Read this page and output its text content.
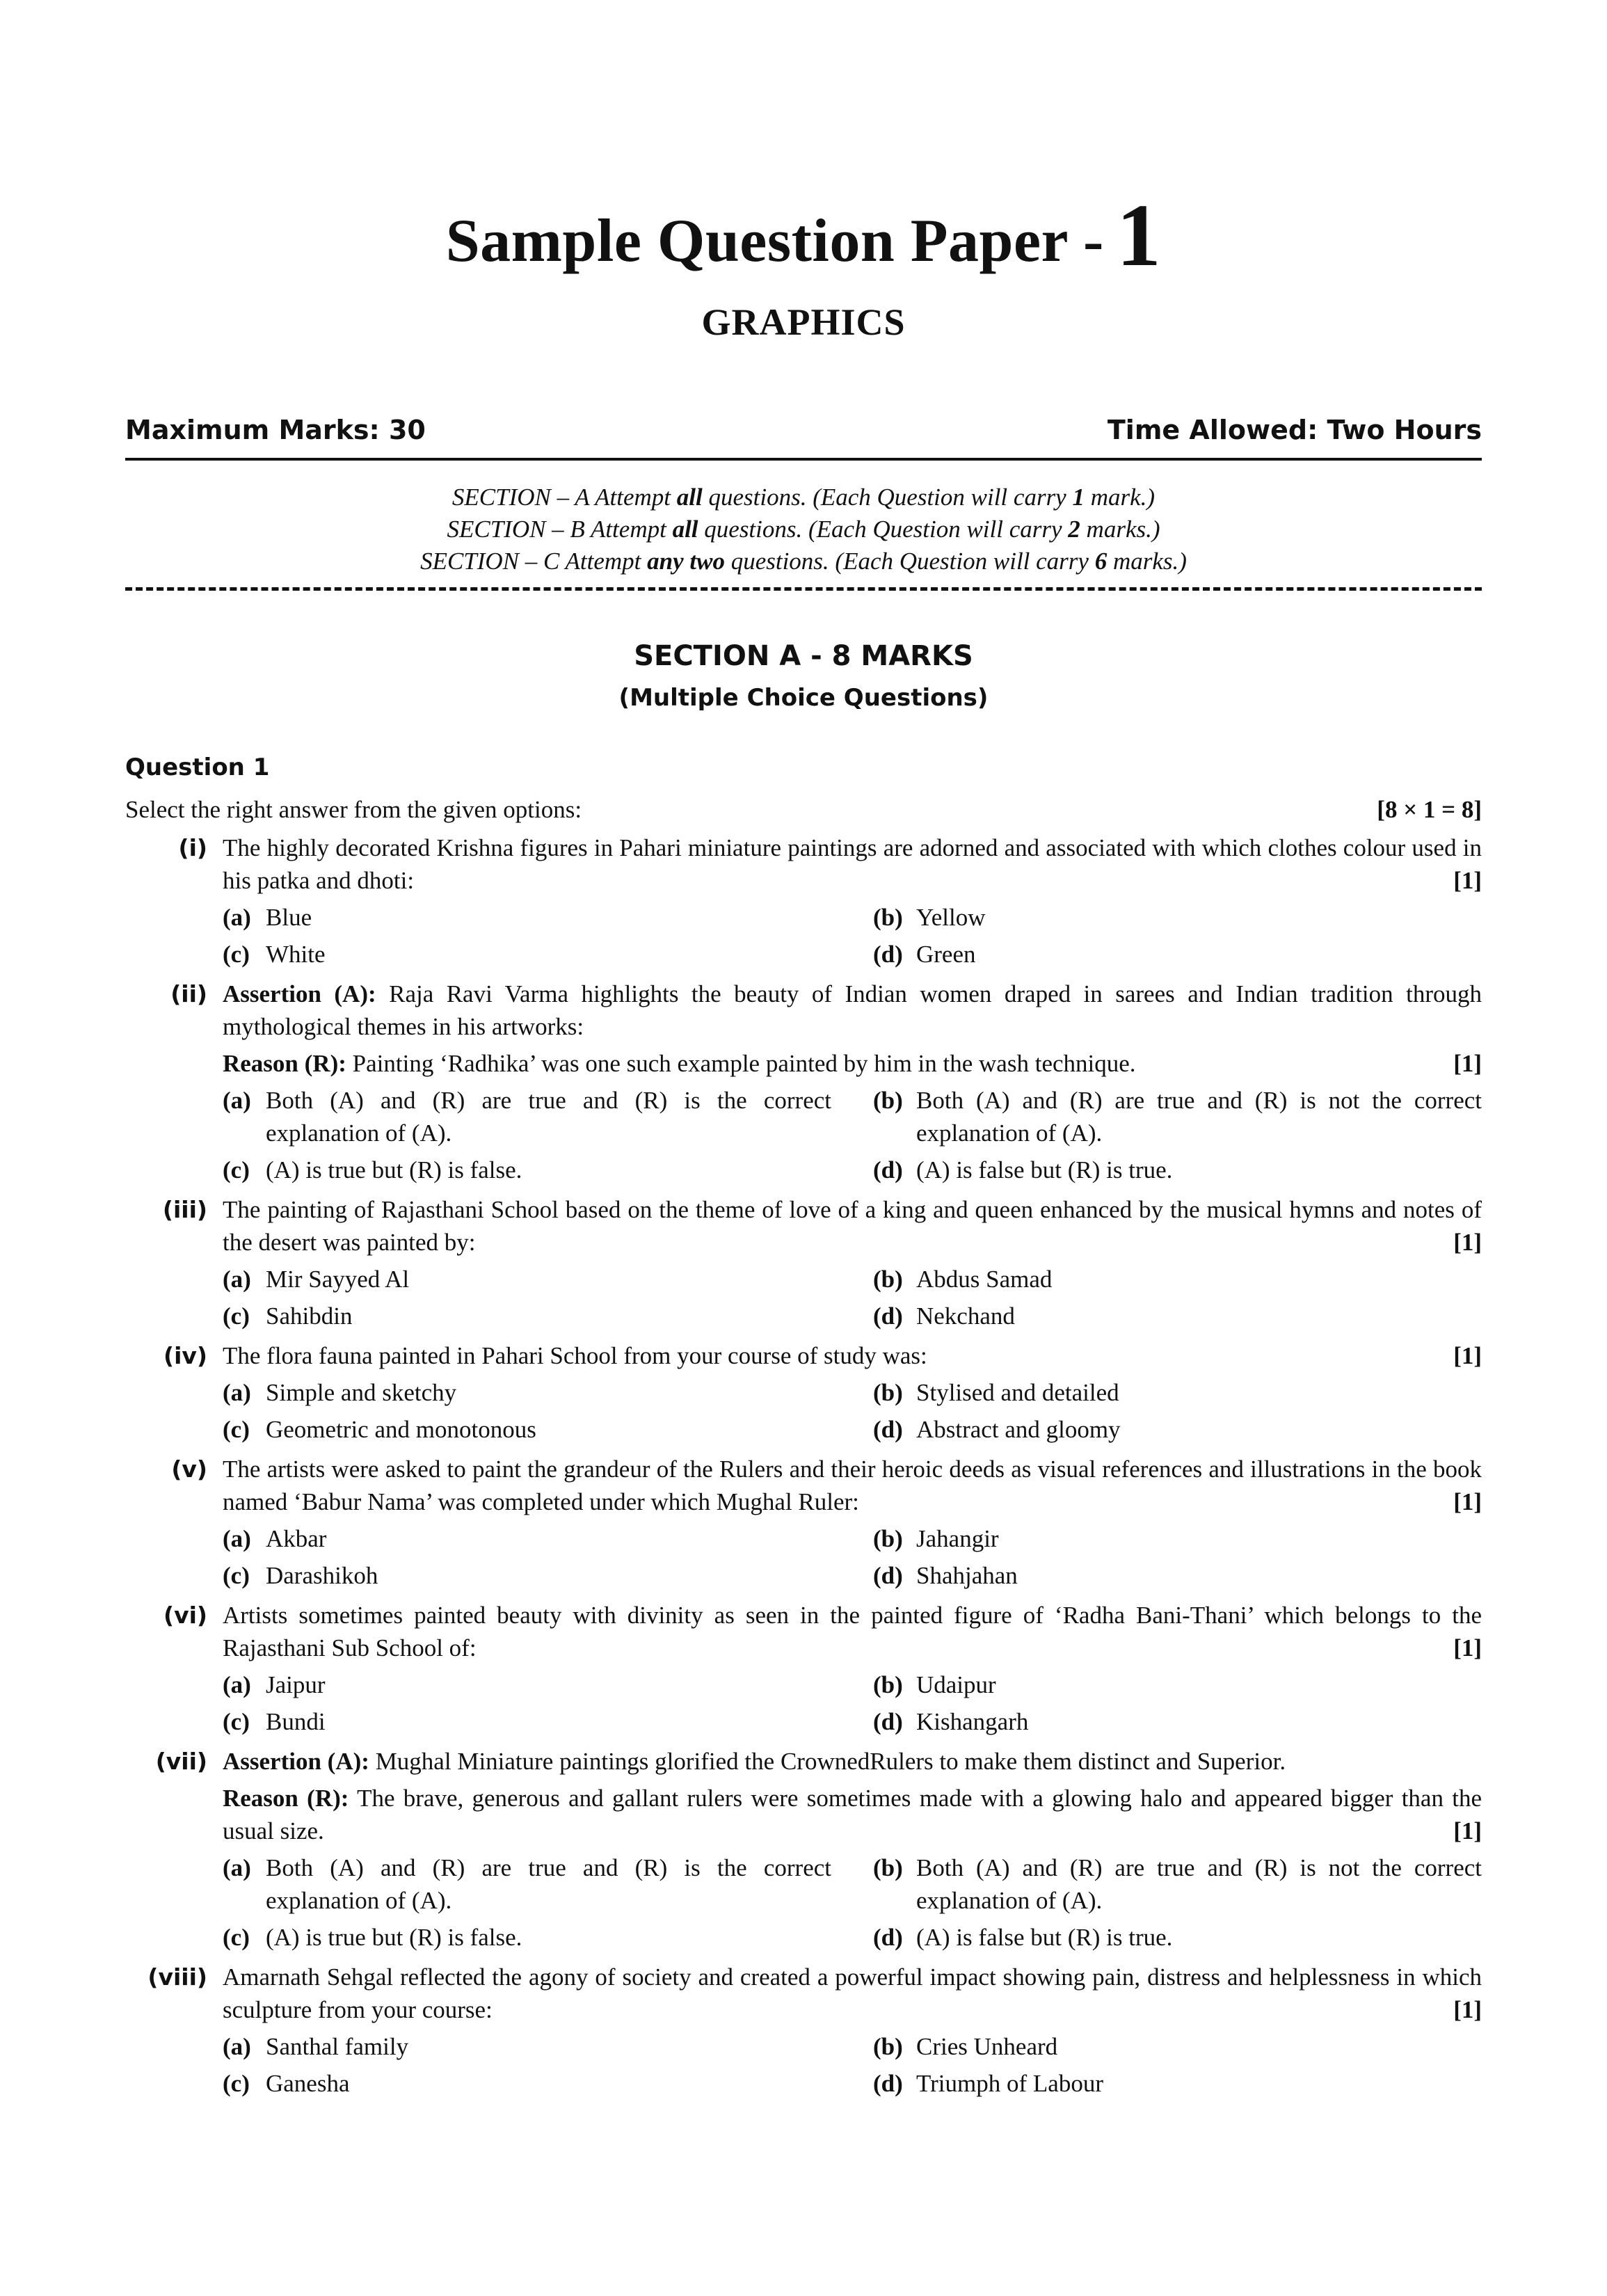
Sample Question Paper - 1
GRAPHICS
Maximum Marks: 30	Time Allowed: Two Hours
SECTION – A Attempt all questions. (Each Question will carry 1 mark.)
SECTION – B Attempt all questions. (Each Question will carry 2 marks.)
SECTION – C Attempt any two questions. (Each Question will carry 6 marks.)
SECTION A - 8 MARKS
(Multiple Choice Questions)
Question 1
Select the right answer from the given options:	[8 × 1 = 8]
(i) The highly decorated Krishna figures in Pahari miniature paintings are adorned and associated with which clothes colour used in his patka and dhoti:	[1]
(a) Blue	(b) Yellow
(c) White	(d) Green
(ii) Assertion (A): Raja Ravi Varma highlights the beauty of Indian women draped in sarees and Indian tradition through mythological themes in his artworks:
Reason (R): Painting ‘Radhika’ was one such example painted by him in the wash technique.	[1]
(a) Both (A) and (R) are true and (R) is the correct explanation of (A).
(b) Both (A) and (R) are true and (R) is not the correct explanation of (A).
(c) (A) is true but (R) is false.	(d) (A) is false but (R) is true.
(iii) The painting of Rajasthani School based on the theme of love of a king and queen enhanced by the musical hymns and notes of the desert was painted by:	[1]
(a) Mir Sayyed Al	(b) Abdus Samad
(c) Sahibdin	(d) Nekchand
(iv) The flora fauna painted in Pahari School from your course of study was:	[1]
(a) Simple and sketchy	(b) Stylised and detailed
(c) Geometric and monotonous	(d) Abstract and gloomy
(v) The artists were asked to paint the grandeur of the Rulers and their heroic deeds as visual references and illustrations in the book named ‘Babur Nama’ was completed under which Mughal Ruler:	[1]
(a) Akbar	(b) Jahangir
(c) Darashikoh	(d) Shahjahan
(vi) Artists sometimes painted beauty with divinity as seen in the painted figure of ‘Radha Bani-Thani’ which belongs to the Rajasthani Sub School of:	[1]
(a) Jaipur	(b) Udaipur
(c) Bundi	(d) Kishangarh
(vii) Assertion (A): Mughal Miniature paintings glorified the CrownedRulers to make them distinct and Superior.
Reason (R): The brave, generous and gallant rulers were sometimes made with a glowing halo and appeared bigger than the usual size.	[1]
(a) Both (A) and (R) are true and (R) is the correct explanation of (A).
(b) Both (A) and (R) are true and (R) is not the correct explanation of (A).
(c) (A) is true but (R) is false.	(d) (A) is false but (R) is true.
(viii) Amarnath Sehgal reflected the agony of society and created a powerful impact showing pain, distress and helplessness in which sculpture from your course:	[1]
(a) Santhal family	(b) Cries Unheard
(c) Ganesha	(d) Triumph of Labour
